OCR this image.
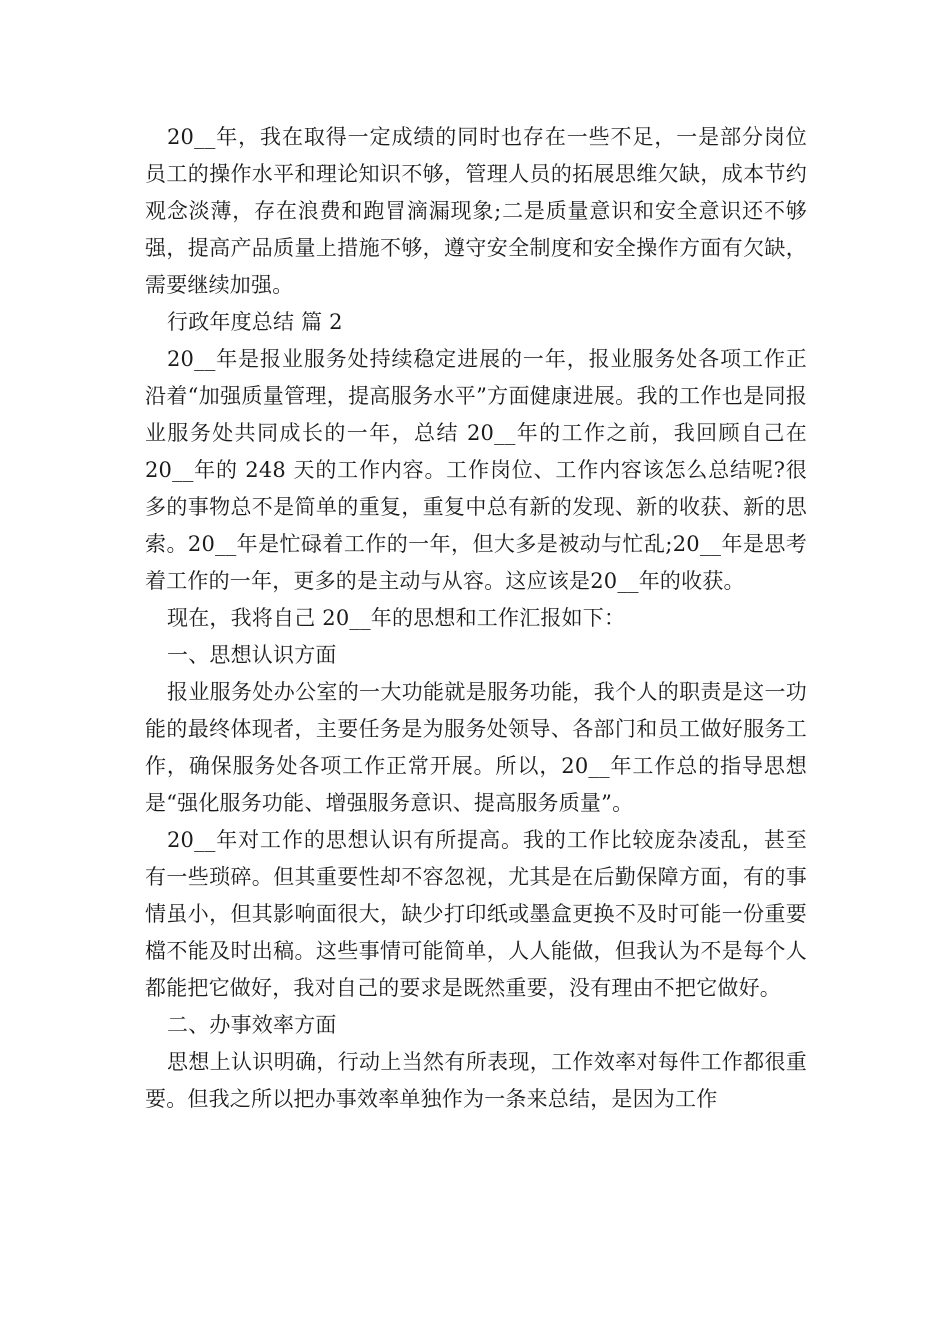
20__年，我在取得一定成绩的同时也存在一些不足，一是部分岗位员工的操作水平和理论知识不够，管理人员的拓展思维欠缺，成本节约观念淡薄，存在浪费和跑冒滴漏现象;二是质量意识和安全意识还不够强，提高产品质量上措施不够，遵守安全制度和安全操作方面有欠缺，需要继续加强。

行政年度总结 篇 2

20__年是报业服务处持续稳定进展的一年，报业服务处各项工作正沿着“加强质量管理，提高服务水平”方面健康进展。我的工作也是同报业服务处共同成长的一年，总结 20__年的工作之前，我回顾自己在 20__年的 248 天的工作内容。工作岗位、工作内容该怎么总结呢?很多的事物总不是简单的重复，重复中总有新的发现、新的收获、新的思索。20__年是忙碌着工作的一年，但大多是被动与忙乱;20__年是思考着工作的一年，更多的是主动与从容。这应该是20__年的收获。

现在，我将自己 20__年的思想和工作汇报如下：

一、思想认识方面

报业服务处办公室的一大功能就是服务功能，我个人的职责是这一功能的最终体现者，主要任务是为服务处领导、各部门和员工做好服务工作，确保服务处各项工作正常开展。所以，20__年工作总的指导思想是“强化服务功能、增强服务意识、提高服务质量”。

20__年对工作的思想认识有所提高。我的工作比较庞杂凌乱，甚至有一些琐碎。但其重要性却不容忽视，尤其是在后勤保障方面，有的事情虽小，但其影响面很大，缺少打印纸或墨盒更换不及时可能一份重要檔不能及时出稿。这些事情可能简单，人人能做，但我认为不是每个人都能把它做好，我对自己的要求是既然重要，没有理由不把它做好。

二、办事效率方面

思想上认识明确，行动上当然有所表现，工作效率对每件工作都很重要。但我之所以把办事效率单独作为一条来总结，是因为工作
